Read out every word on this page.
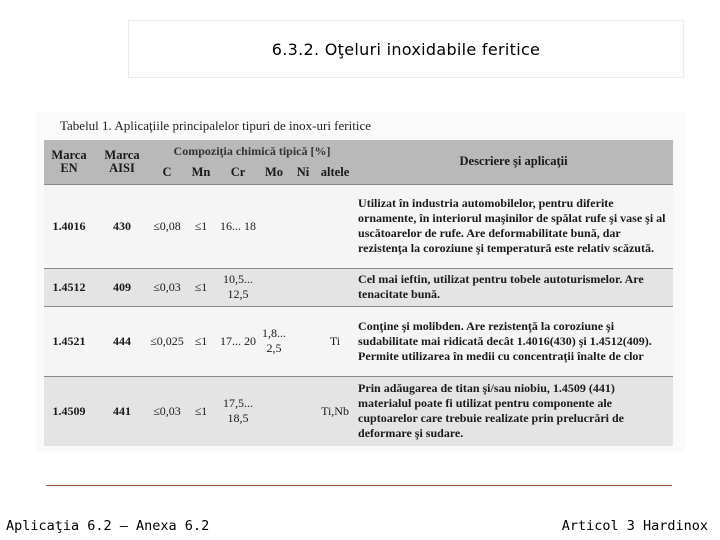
6.3.2. Oţeluri inoxidabile feritice
Tabelul 1. Aplicaţiile principalelor tipuri de inox-uri feritice
Marca EN	Marca AISI	Compoziţia chimică tipică [%]						Descriere şi aplicaţii
		C	Mn	Cr	Mo	Ni	altele	
1.4016	430	≤0,08	≤1	16... 18				Utilizat în industria automobilelor, pentru diferite ornamente, în interiorul maşinilor de spălat rufe şi vase şi al uscătoarelor de rufe. Are deformabilitate bună, dar rezistenţa la coroziune şi temperatură este relativ scăzută.
1.4512	409	≤0,03	≤1	10,5... 12,5				Cel mai ieftin, utilizat pentru tobele autoturismelor. Are tenacitate bună.
1.4521	444	≤0,025	≤1	17... 20	1,8... 2,5		Ti	Conţine şi molibden. Are rezistenţă la coroziune şi sudabilitate mai ridicată decât 1.4016(430) şi 1.4512(409). Permite utilizarea în medii cu concentraţii înalte de clor
1.4509	441	≤0,03	≤1	17,5... 18,5			Ti,Nb	Prin adăugarea de titan şi/sau niobiu, 1.4509 (441) materialul poate fi utilizat pentru componente ale cuptoarelor care trebuie realizate prin prelucrări de deformare şi sudare.
Aplicaţia 6.2 – Anexa 6.2	Articol 3 Hardinox
